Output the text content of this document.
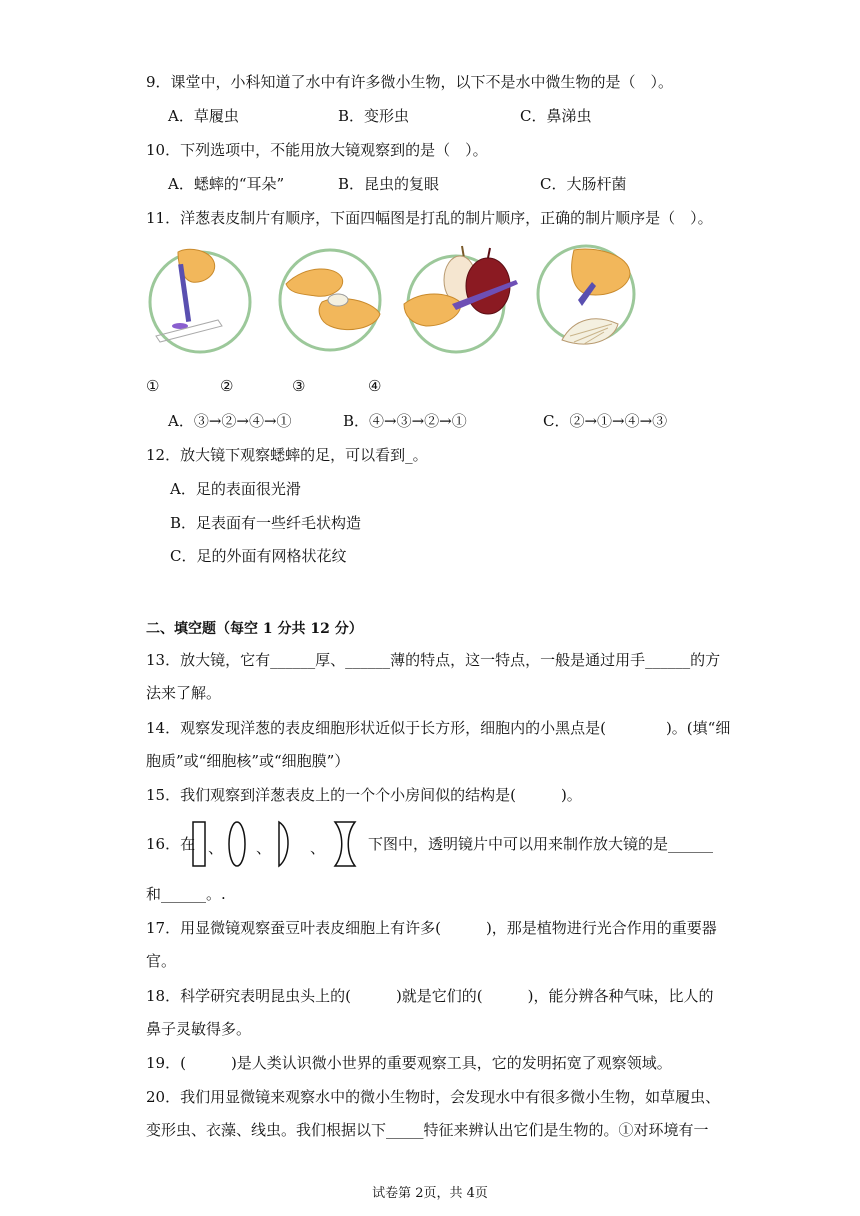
9．课堂中，小科知道了水中有许多微小生物，以下不是水中微生物的是（　）。
A．草履虫	B．变形虫	C．鼻涕虫
10．下列选项中，不能用放大镜观察到的是（　）。
A．蟋蟀的“耳朵”	B．昆虫的复眼	C．大肠杆菌
11．洋葱表皮制片有顺序，下面四幅图是打乱的制片顺序，正确的制片顺序是（　）。
①	②	③	④
A．③→②→④→①	B．④→③→②→①	C．②→①→④→③
12．放大镜下观察蟋蟀的足，可以看到_。
A．足的表面很光滑
B．足表面有一些纤毛状构造
C．足的外面有网格状花纹
二、填空题（每空 1 分共 12 分）
13．放大镜，它有______厚、______薄的特点，这一特点，一般是通过用手______的方
法来了解。
14．观察发现洋葱的表皮细胞形状近似于长方形，细胞内的小黑点是(　　　　)。(填“细
胞质”或“细胞核”或“细胞膜”）
15．我们观察到洋葱表皮上的一个个小房间似的结构是(　　　)。
16．在 、 、	、	下图中，透明镜片中可以用来制作放大镜的是______
和______。.
17．用显微镜观察蚕豆叶表皮细胞上有许多(　　　)，那是植物进行光合作用的重要器
官。
18．科学研究表明昆虫头上的(　　　)就是它们的(　　　)，能分辨各种气味，比人的
鼻子灵敏得多。
19．(　　　)是人类认识微小世界的重要观察工具，它的发明拓宽了观察领域。
20．我们用显微镜来观察水中的微小生物时，会发现水中有很多微小生物，如草履虫、
变形虫、衣藻、线虫。我们根据以下_____特征来辨认出它们是生物的。①对环境有一
试卷第 2页，共 4页
